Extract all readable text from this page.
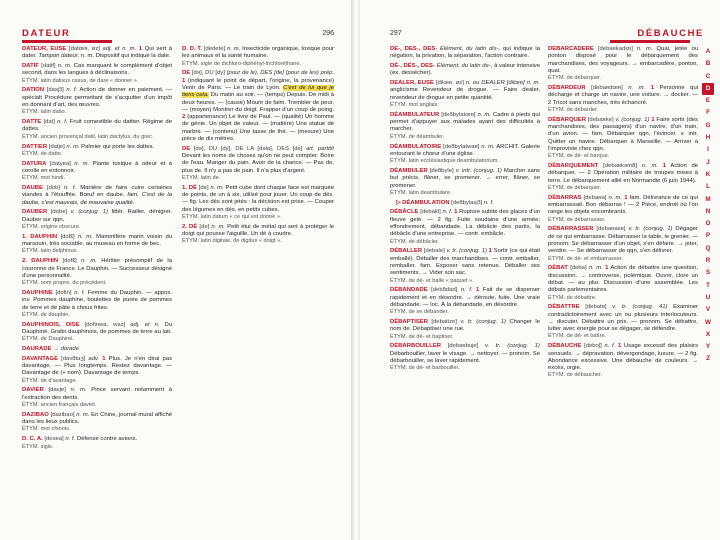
DATEUR	296

DATEUR, EUSE [datœʀ, øz] adj. et n. m. 1 Qui sert à dater. Tampon dateur. n. m. Dispositif qui indique la date.

DATIF [datif] n. m. Cas marquant le complément d'objet second, dans les langues à déclinaisons.
ÉTYM. latin dativus casus, de dare « donner ».

DATION [dasjɔ̃] n. f. Action de donner en paiement. — spécialt Procédure permettant de s'acquitter d'un impôt en donnant d'art, des œuvres.
ÉTYM. latin datio.

DATTE [dat] n. f. Fruit comestible du dattier. Régime de dattes.
ÉTYM. ancien provençal datil, latin dactylus, du grec.

DATTIER [datje] n. m. Palmier qui porte les dattes.
ÉTYM. de datte.

DATURA [datyʀa] n. m. Plante toxique à odeur et à corolle en entonnoir.
ÉTYM. mot hindi.

DAUBE [dob] n. f. Manière de faire cuire certaines viandes à l'étouffée. Bœuf en daube. fam. C'est de la daube, c'est mauvais, de mauvaise qualité.

DAUBER [dobe] v. (conjug. 1) littér. Railler, dénigrer. Dauber sur qqn.
ÉTYM. origine obscure.

1. DAUPHIN [dofɛ̃] n. m. Mammifère marin voisin du marsouin, très sociable, au museau en forme de bec.
ÉTYM. latin delphinus.

2. DAUPHIN [dofɛ̃] n. m. Héritier présomptif de la couronne de France. Le Dauphin. — Successeur désigné d'une personnalité.
ÉTYM. nom propre, du précédent.

DAUPHINE [dofin] n. f. Femme du Dauphin. — appos. inv. Pommes dauphine, boulettes de purée de pommes de terre et de pâte à choux frites.
ÉTYM. de dauphin.

DAUPHINOIS, OISE [dofinwa, waz] adj. et n. Du Dauphiné. Gratin dauphinois, de pommes de terre au lait.
ÉTYM. de Dauphiné.

DAURADE → dorade

DAVANTAGE [davɑ̃taʒ] adv. 1 Plus. Je n'en dirai pas davantage. — Plus longtemps. Restez davantage. — Davantage de (+ nom). Davantage de temps.
ÉTYM. de d'avantage.

DAVIER [davje] n. m. Pince servant notamment à l'extraction des dents.
ÉTYM. ancien français daviet.

DAZIBAO [dazibao] n. m. En Chine, journal mural affiché dans les lieux publics.
ÉTYM. mot chinois.

D. C. A. [desea] n. f. Défense contre avions.
ÉTYM. sigle.

D. D. T. [dedete] n. m. Insecticide organique, toxique pour les animaux et la santé humaine.
ÉTYM. sigle de dichloro-diphényl-trichloréthane.

DE [də], DU [dy] (pour de le), DES [de] (pour de les) prép. 1 (indiquant le point de départ, l'origine, la provenance) Venir de Paris. — Le train de Lyon. C'est de lui que je tiens cela. Du matin au soir. — (temps) Depuis. De midi à deux heures. — (cause) Mourir de faim. Trembler de peur. — (moyen) Montrer du doigt. Frapper d'un coup de poing. 2 (appartenance) Le livre de Paul. — (qualité) Un homme de génie. Un objet de valeur. — (matière) Une statue de marbre. — (contenu) Une tasse de thé. — (mesure) Une pièce de dix mètres.

DE [də], DU [dy], DE LA [dəla], DES [de] art. partitif Devant les noms de choses qu'on ne peut compter. Boire de l'eau. Manger du pain. Avoir de la chance. — Pas de, plus de. Il n'y a pas de pain. Il n'a plus d'argent.
ÉTYM. latin de.

1. DÉ [de] n. m. Petit cube dont chaque face est marquée de points, de un à six, utilisé pour jouer. Un coup de dés. — fig. Les dés sont jetés : la décision est prise. — Couper des légumes en dés, en petits cubes.
ÉTYM. latin datum « ce qui est donné ».

2. DÉ [de] n. m. Petit étui de métal qui sert à protéger le doigt qui pousse l'aiguille. Un dé à coudre.
ÉTYM. latin digitale, de digitus « doigt ».

297	DÉBAUCHE

DÉ-, DES-, DÉS- Élément, du latin dis-, qui indique la négation, la privation, la séparation, l'action contraire.

DÉ-, DÉS-, DES- Élément, du latin de-, à valeur intensive (ex. dessécher).

DEALER, EUSE [dilœʀ, øz] n. ou DEALER [dilœʀ] n. m. anglicisme Revendeur de drogue. — Faire dealer, revendeur de drogue en petite quantité.
ÉTYM. mot anglais.

DÉAMBULATEUR [deɑ̃bylatœʀ] n. m. Cadre à pieds qui permet d'appuyer aux malades ayant des difficultés à marcher.
ÉTYM. de déambuler.

DÉAMBULATOIRE [deɑ̃bylatwaʀ] n. m. ARCHIT. Galerie entourant le chœur d'une église.
ÉTYM. latin ecclésiastique deambulatorium.

DÉAMBULER [deɑ̃byle] v. intr. (conjug. 1) Marcher sans but précis, flâner, se promener. → errer, flâner, se promener.
ÉTYM. latin deambulare.

▷ DÉAMBULATION [deɑ̃bylasjɔ̃] n. f.

DÉBÂCLE [debakl] n. f. 1 Rupture subite des glaces d'un fleuve gelé. — 2 fig. Fuite soudaine d'une armée; effondrement, débandade. La débâcle des partis, la débâcle d'une entreprise. — contr. embâcle.
ÉTYM. de débâcler.

DÉBALLER [debale] v. tr. (conjug. 1) 1 Sortir (ce qui était emballé). Déballer des marchandises. — contr. emballer, remballer. fam. Exposer sans retenue. Déballer ses sentiments. → Vider son sac.
ÉTYM. de dé- et balle « paquet ».

DÉBANDADE [debɑ̃dad] n. f. 1 Fait de se disperser rapidement et en désordre. → déroute, fuite. Une vraie débandade. — loc. À la débandade, en désordre.
ÉTYM. de se débander.

DÉBAPTISER [debatize] v. tr. (conjug. 1) Changer le nom de. Débaptiser une rue.
ÉTYM. de dé- et baptiser.

DÉBARBOUILLER [debaʀbuje] v. tr. (conjug. 1) Débarbouiller, laver le visage. → nettoyer. — pronom. Se débarbouiller, se laver rapidement.
ÉTYM. de dé- et barbouiller.

DÉBARCADÈRE [debaʀkadɛʀ] n. m. Quai, jetée ou ponton disposé pour le débarquement des marchandises, des voyageurs. → embarcadère, ponton, quai.
ÉTYM. de débarquer.

DÉBARDEUR [debaʀdœʀ] n. m. 1 Personne qui décharge et charge un navire, une voiture. → docker. — 2 Tricot sans manches, très échancré.
ÉTYM. de débarder.

DÉBARQUER [debaʀke] v. (conjug. 1) 1 Faire sortir (des marchandises, des passagers) d'un navire, d'un train, d'un avion. — fam. Débarquer qqn, l'évincer. v. intr. Quitter un navire. Débarquer à Marseille. — Arriver à l'improviste chez qqn.
ÉTYM. de dé- et barque.

DÉBARQUEMENT [debaʀkəmɑ̃] n. m. 1 Action de débarquer. — 2 Opération militaire de troupes mises à terre. Le débarquement allié en Normandie (6 juin 1944).
ÉTYM. de débarquer.

DÉBARRAS [debaʀa] n. m. 1 fam. Délivrance de ce qui embarrassait. Bon débarras ! — 2 Pièce, endroit où l'on range les objets encombrants.
ÉTYM. de débarrasser.

DÉBARRASSER [debaʀase] v. tr. (conjug. 1) Dégager de ce qui embarrasse. Débarrasser la table, le grenier. — pronom. Se débarrasser d'un objet, s'en défaire. → jeter, vendre. — Se débarrasser de qqn, s'en délivrer.
ÉTYM. de dé- et embarrasser.

DÉBAT [deba] n. m. 1 Action de débattre une question, discussion. → controverse, polémique. Ouvrir, clore un débat. — au plur. Discussion d'une assemblée. Les débats parlementaires.
ÉTYM. de débattre.

DÉBATTRE [debatʀ] v. tr. (conjug. 41) Examiner contradictoirement avec un ou plusieurs interlocuteurs. → discuter. Débattre un prix. — pronom. Se débattre, lutter avec énergie pour se dégager, se défendre.
ÉTYM. de dé- et battre.

DÉBAUCHE [deboʃ] n. f. 1 Usage excessif des plaisirs sensuels. → dépravation, dévergondage, luxure. — 2 fig. Abondance excessive. Une débauche de couleurs. → excès, orgie.
ÉTYM. de débaucher.

A
B
C
D
E
F
G
H
I
J
K
L
M
N
O
P
Q
R
S
T
U
V
W
X
Y
Z
